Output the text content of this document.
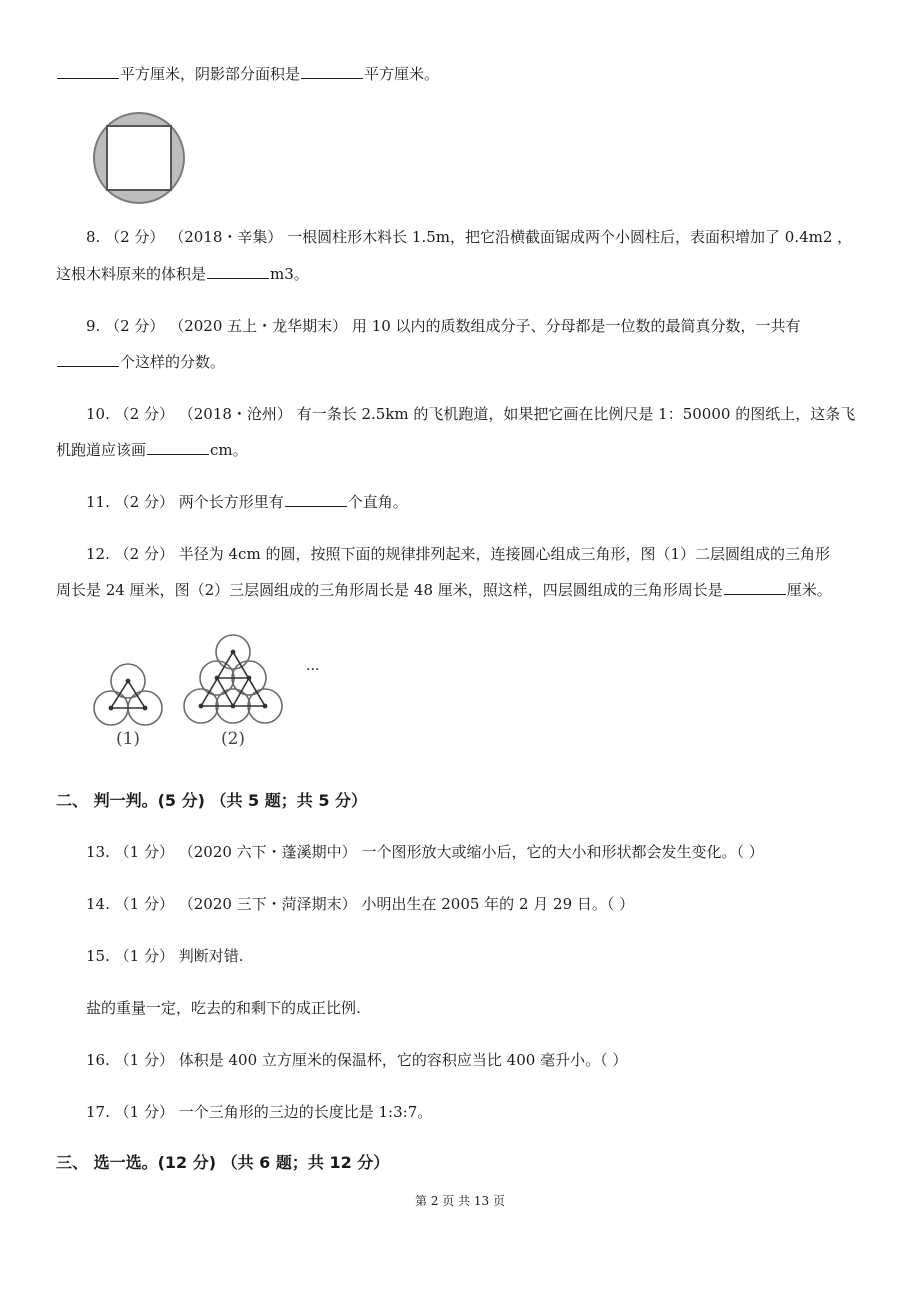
平方厘米，阴影部分面积是	平方厘米。
8. （2 分） （2018・辛集） 一根圆柱形木料长 1.5m，把它沿横截面锯成两个小圆柱后，表面积增加了 0.4m2 ，
这根木料原来的体积是	m3。
9. （2 分） （2020 五上・龙华期末） 用 10 以内的质数组成分子、分母都是一位数的最简真分数，一共有
个这样的分数。
10. （2 分） （2018・沧州） 有一条长 2.5km 的飞机跑道，如果把它画在比例尺是 1：50000 的图纸上，这条飞
机跑道应该画	cm。
11. （2 分） 两个长方形里有	个直角。
12. （2 分） 半径为 4cm 的圆，按照下面的规律排列起来，连接圆心组成三角形，图（1）二层圆组成的三角形
周长是 24 厘米，图（2）三层圆组成的三角形周长是 48 厘米，照这样，四层圆组成的三角形周长是	厘米。
(1)	(2)
···
二、 判一判。(5 分) （共 5 题；共 5 分）
13. （1 分） （2020 六下・蓬溪期中） 一个图形放大或缩小后，它的大小和形状都会发生变化。（ ）
14. （1 分） （2020 三下・菏泽期末） 小明出生在 2005 年的 2 月 29 日。（ ）
15. （1 分） 判断对错.
盐的重量一定，吃去的和剩下的成正比例.
16. （1 分） 体积是 400 立方厘米的保温杯，它的容积应当比 400 毫升小。（ ）
17. （1 分） 一个三角形的三边的长度比是 1:3:7。
三、 选一选。(12 分) （共 6 题；共 12 分）
第 2 页 共 13 页
